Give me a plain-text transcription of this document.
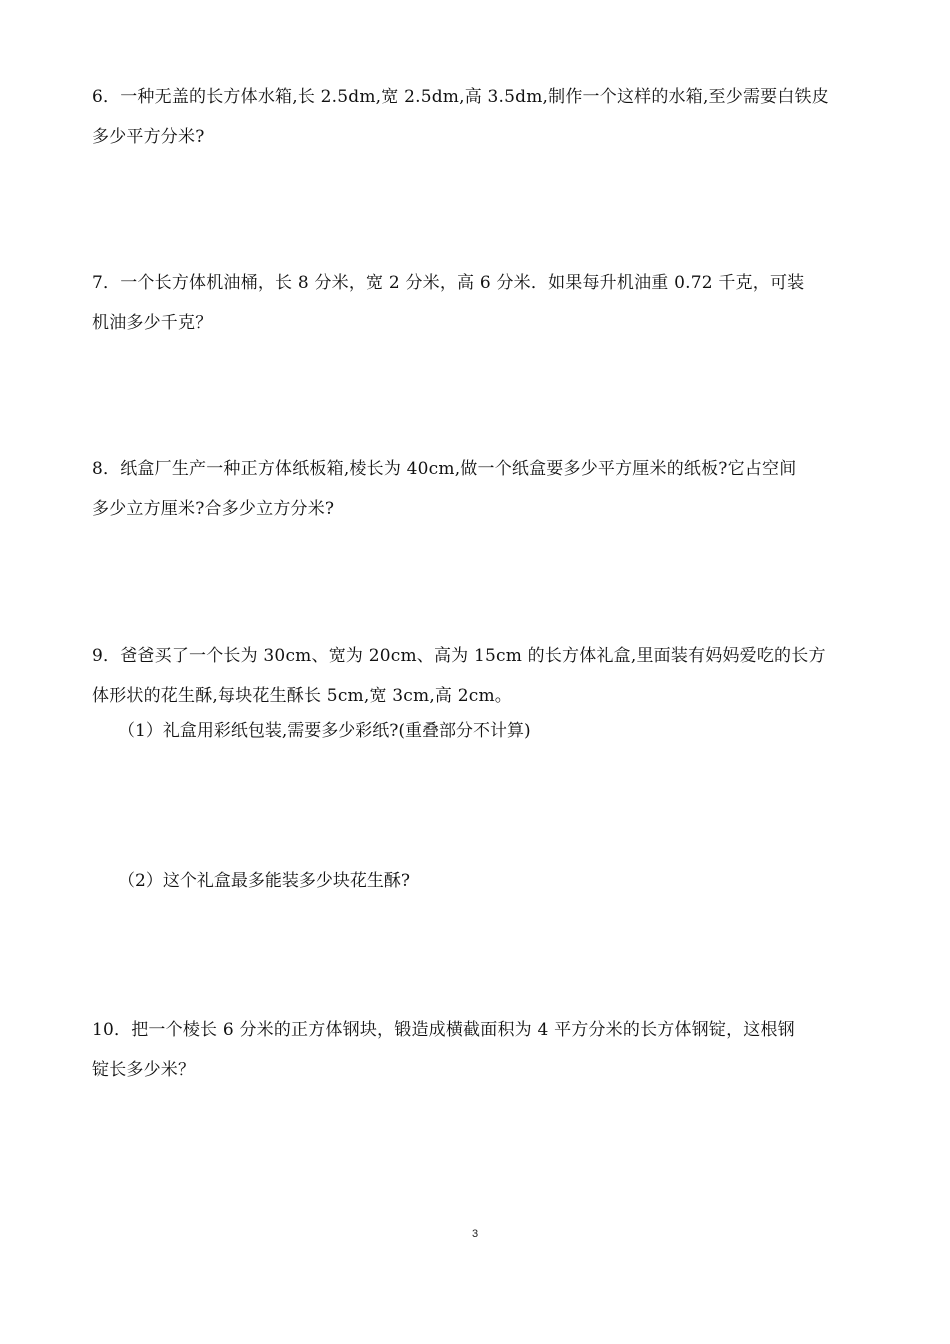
6．一种无盖的长方体水箱,长 2.5dm,宽 2.5dm,高 3.5dm,制作一个这样的水箱,至少需要白铁皮
多少平方分米?
7．一个长方体机油桶，长 8 分米，宽 2 分米，高 6 分米．如果每升机油重 0.72 千克，可装
机油多少千克？
8．纸盒厂生产一种正方体纸板箱,棱长为 40cm,做一个纸盒要多少平方厘米的纸板?它占空间
多少立方厘米?合多少立方分米?
9．爸爸买了一个长为 30cm、宽为 20cm、高为 15cm 的长方体礼盒,里面装有妈妈爱吃的长方
体形状的花生酥,每块花生酥长 5cm,宽 3cm,高 2cm。
（1）礼盒用彩纸包装,需要多少彩纸?(重叠部分不计算)
（2）这个礼盒最多能装多少块花生酥?
10．把一个棱长 6 分米的正方体钢块，锻造成横截面积为 4 平方分米的长方体钢锭，这根钢
锭长多少米？
3
